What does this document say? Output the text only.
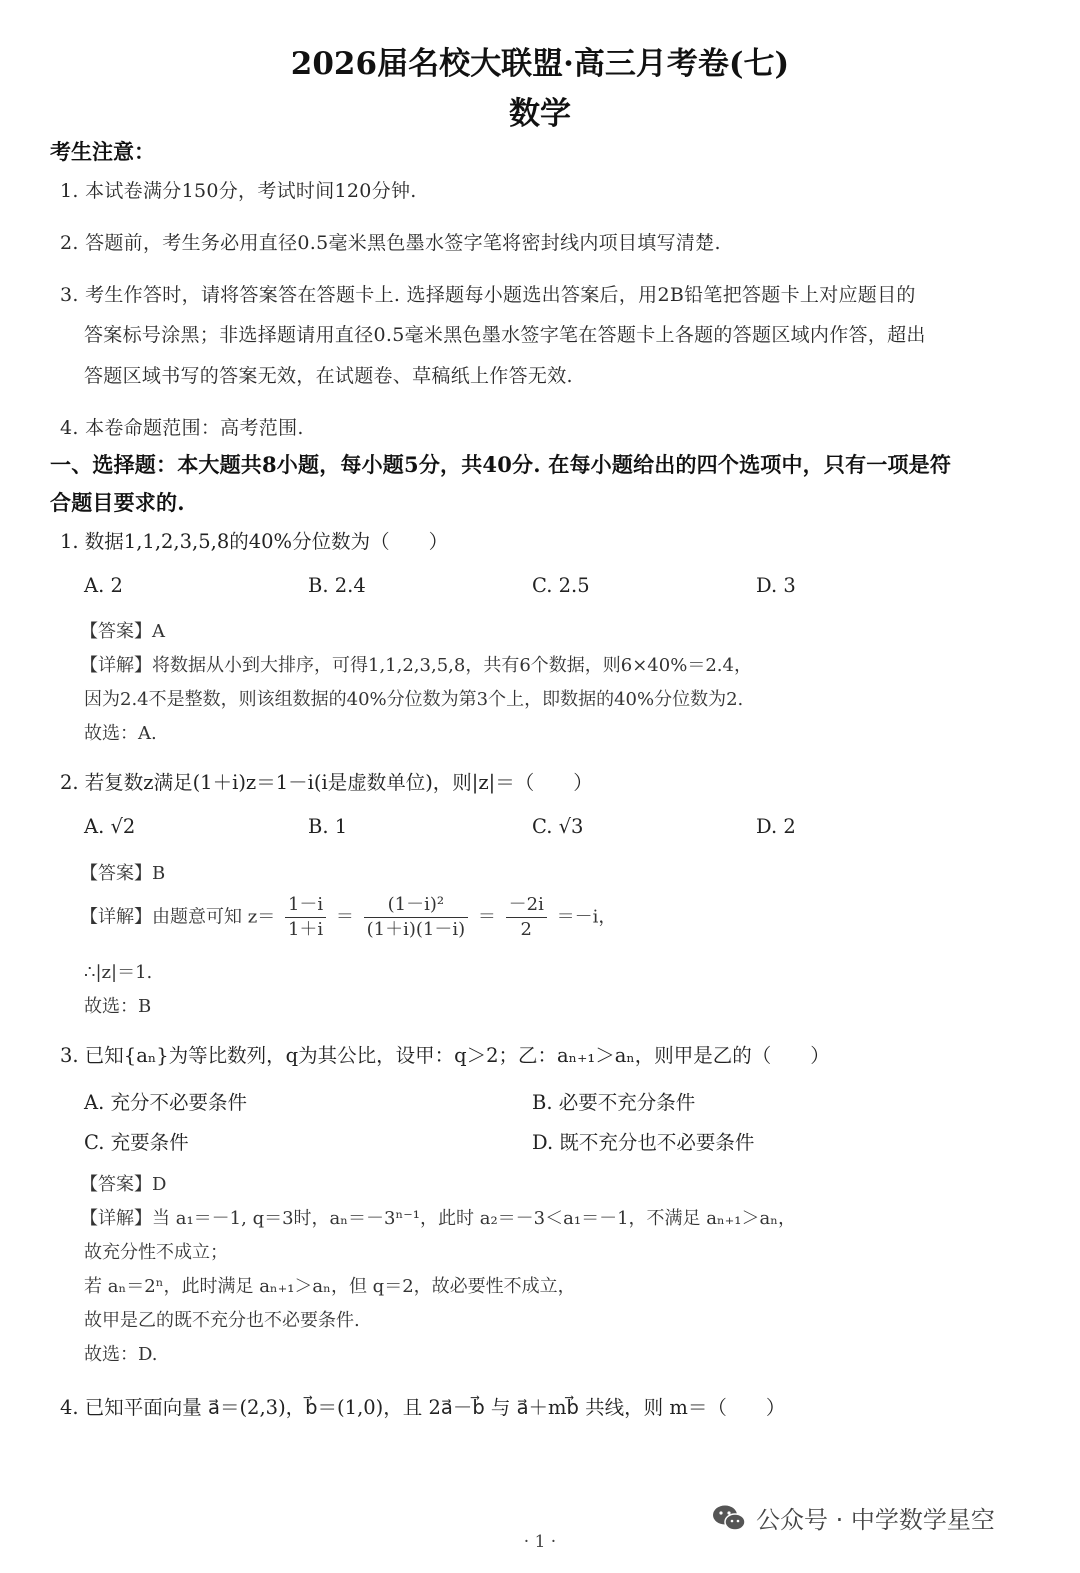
2026届名校大联盟·高三月考卷(七)
数学
考生注意：
1. 本试卷满分150分，考试时间120分钟.
2. 答题前，考生务必用直径0.5毫米黑色墨水签字笔将密封线内项目填写清楚.
3. 考生作答时，请将答案答在答题卡上. 选择题每小题选出答案后，用2B铅笔把答题卡上对应题目的
答案标号涂黑；非选择题请用直径0.5毫米黑色墨水签字笔在答题卡上各题的答题区域内作答，超出
答题区域书写的答案无效，在试题卷、草稿纸上作答无效.
4. 本卷命题范围：高考范围.
一、选择题：本大题共8小题，每小题5分，共40分. 在每小题给出的四个选项中，只有一项是符
合题目要求的.
1. 数据1,1,2,3,5,8的40%分位数为（　　）
A. 2	B. 2.4	C. 2.5	D. 3
【答案】A
【详解】将数据从小到大排序，可得1,1,2,3,5,8，共有6个数据，则6×40%＝2.4，
因为2.4不是整数，则该组数据的40%分位数为第3个上，即数据的40%分位数为2.
故选：A.
2. 若复数z满足(1＋i)z＝1－i(i是虚数单位)，则|z|＝（　　）
A. √2	B. 1	C. √3	D. 2
【答案】B
【详解】由题意可知 $z= \frac{1-i}{1+i} = \frac{\text{(1－i)²}}{(1+i)(1-i)} = \frac{-2i}{2} =-i$，
∴|z|＝1.
故选：B
3. 已知{aₙ}为等比数列，q为其公比，设甲：q＞2；乙：aₙ₊₁＞aₙ，则甲是乙的（　　）
A. 充分不必要条件	B. 必要不充分条件
C. 充要条件	D. 既不充分也不必要条件
【答案】D
【详解】当 a₁＝－1, q＝3时，aₙ＝－3ⁿ⁻¹，此时 a₂＝－3＜a₁＝－1，不满足 aₙ₊₁＞aₙ，
故充分性不成立；
若 aₙ＝2ⁿ，此时满足 aₙ₊₁＞aₙ，但 q＝2，故必要性不成立，
故甲是乙的既不充分也不必要条件.
故选：D.
4. 已知平面向量 a⃗＝(2,3)，b⃗＝(1,0)，且 2a⃗－b⃗ 与 a⃗＋mb⃗ 共线，则 m＝（　　）
· 1 ·
公众号 · 中学数学星空
